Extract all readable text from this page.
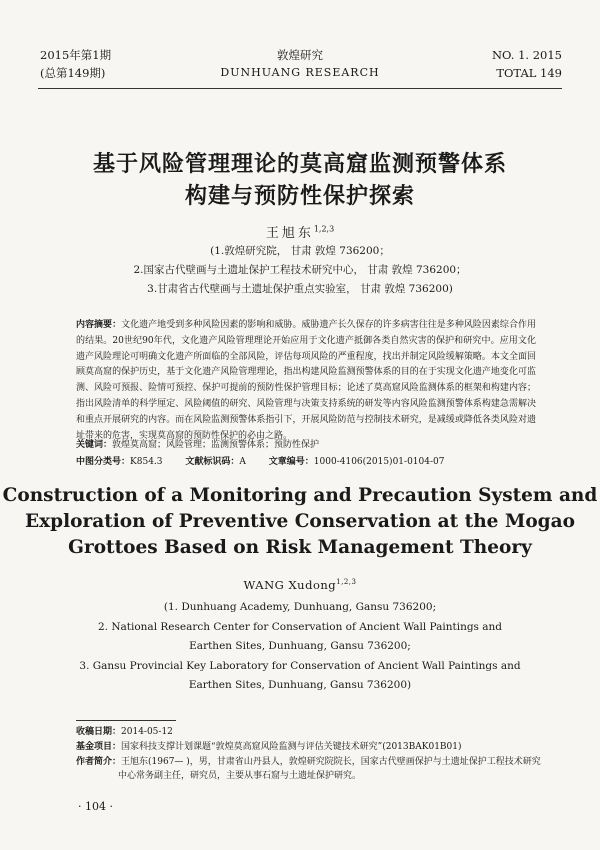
2015年第1期
(总第149期)
敦煌研究
DUNHUANG RESEARCH
NO. 1. 2015
TOTAL 149
基于风险管理理论的莫高窟监测预警体系
构建与预防性保护探索
王旭东$^{1,2,3}$
(1.敦煌研究院， 甘肃 敦煌 736200；
2.国家古代壁画与土遗址保护工程技术研究中心， 甘肃 敦煌 736200；
3.甘肃省古代壁画与土遗址保护重点实验室， 甘肃 敦煌 736200)
内容摘要：文化遗产地受到多种风险因素的影响和威胁。威胁遗产长久保存的许多病害往往是多种风险因素综合作用的结果。20世纪90年代，文化遗产风险管理理论开始应用于文化遗产抵御各类自然灾害的保护和研究中。应用文化遗产风险理论可明确文化遗产所面临的全部风险，评估每项风险的严重程度，找出并制定风险缓解策略。本文全面回顾莫高窟的保护历史，基于文化遗产风险管理理论，指出构建风险监测预警体系的目的在于实现文化遗产地变化可监测、风险可预报、险情可预控、保护可提前的预防性保护管理目标；论述了莫高窟风险监测体系的框架和构建内容；指出风险清单的科学厘定、风险阈值的研究、风险管理与决策支持系统的研发等内容风险监测预警体系构建急需解决和重点开展研究的内容。而在风险监测预警体系指引下，开展风险防范与控制技术研究，是减缓或降低各类风险对遗址带来的危害，实现莫高窟的预防性保护的必由之路。
关键词：敦煌莫高窟；风险管理；监测预警体系；预防性保护
中图分类号：K854.3	文献标识码：A	文章编号：1000-4106(2015)01-0104-07
Construction of a Monitoring and Precaution System and
Exploration of Preventive Conservation at the Mogao
Grottoes Based on Risk Management Theory
WANG Xudong$^{1,2,3}$
(1. Dunhuang Academy, Dunhuang, Gansu 736200;
2. National Research Center for Conservation of Ancient Wall Paintings and
Earthen Sites, Dunhuang, Gansu 736200;
3. Gansu Provincial Key Laboratory for Conservation of Ancient Wall Paintings and
Earthen Sites, Dunhuang, Gansu 736200)
收稿日期：2014-05-12
基金项目：国家科技支撑计划课题“敦煌莫高窟风险监测与评估关键技术研究”(2013BAK01B01)
作者简介：王旭东(1967— )，男，甘肃省山丹县人，敦煌研究院院长，国家古代壁画保护与土遗址保护工程技术研究
中心常务副主任，研究员，主要从事石窟与土遗址保护研究。
· 104 ·
